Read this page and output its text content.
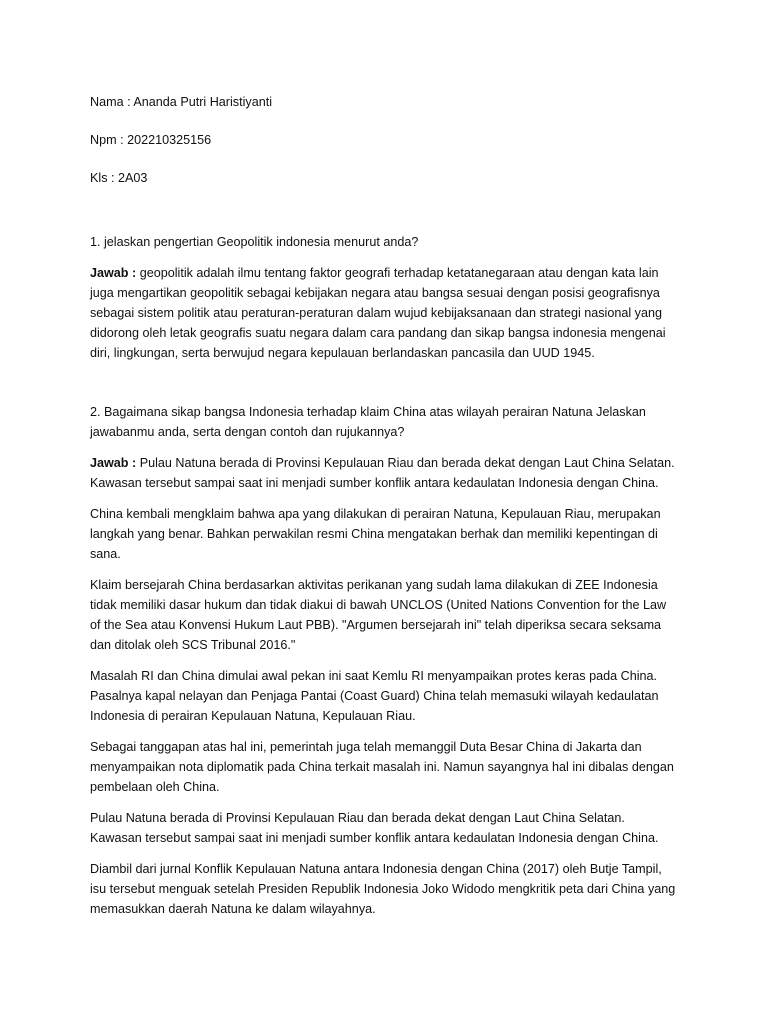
Nama : Ananda Putri Haristiyanti

Npm : 202210325156

Kls : 2A03

1. jelaskan pengertian Geopolitik indonesia menurut anda?

Jawab : geopolitik adalah ilmu tentang faktor geografi terhadap ketatanegaraan atau dengan kata lain juga mengartikan geopolitik sebagai kebijakan negara atau bangsa sesuai dengan posisi geografisnya sebagai sistem politik atau peraturan-peraturan dalam wujud kebijaksanaan dan strategi nasional yang didorong oleh letak geografis suatu negara dalam cara pandang dan sikap bangsa indonesia mengenai diri, lingkungan, serta berwujud negara kepulauan berlandaskan pancasila dan UUD 1945.

2. Bagaimana sikap bangsa Indonesia terhadap klaim China atas wilayah perairan Natuna Jelaskan jawabanmu anda, serta dengan contoh dan rujukannya?

Jawab : Pulau Natuna berada di Provinsi Kepulauan Riau dan berada dekat dengan Laut China Selatan. Kawasan tersebut sampai saat ini menjadi sumber konflik antara kedaulatan Indonesia dengan China.

China kembali mengklaim bahwa apa yang dilakukan di perairan Natuna, Kepulauan Riau, merupakan langkah yang benar. Bahkan perwakilan resmi China mengatakan berhak dan memiliki kepentingan di sana.

Klaim bersejarah China berdasarkan aktivitas perikanan yang sudah lama dilakukan di ZEE Indonesia tidak memiliki dasar hukum dan tidak diakui di bawah UNCLOS (United Nations Convention for the Law of the Sea atau Konvensi Hukum Laut PBB). "Argumen bersejarah ini" telah diperiksa secara seksama dan ditolak oleh SCS Tribunal 2016."

Masalah RI dan China dimulai awal pekan ini saat Kemlu RI menyampaikan protes keras pada China. Pasalnya kapal nelayan dan Penjaga Pantai (Coast Guard) China telah memasuki wilayah kedaulatan Indonesia di perairan Kepulauan Natuna, Kepulauan Riau.

Sebagai tanggapan atas hal ini, pemerintah juga telah memanggil Duta Besar China di Jakarta dan menyampaikan nota diplomatik pada China terkait masalah ini. Namun sayangnya hal ini dibalas dengan pembelaan oleh China.

Pulau Natuna berada di Provinsi Kepulauan Riau dan berada dekat dengan Laut China Selatan. Kawasan tersebut sampai saat ini menjadi sumber konflik antara kedaulatan Indonesia dengan China.

Diambil dari jurnal Konflik Kepulauan Natuna antara Indonesia dengan China (2017) oleh Butje Tampil, isu tersebut menguak setelah Presiden Republik Indonesia Joko Widodo mengkritik peta dari China yang memasukkan daerah Natuna ke dalam wilayahnya.
